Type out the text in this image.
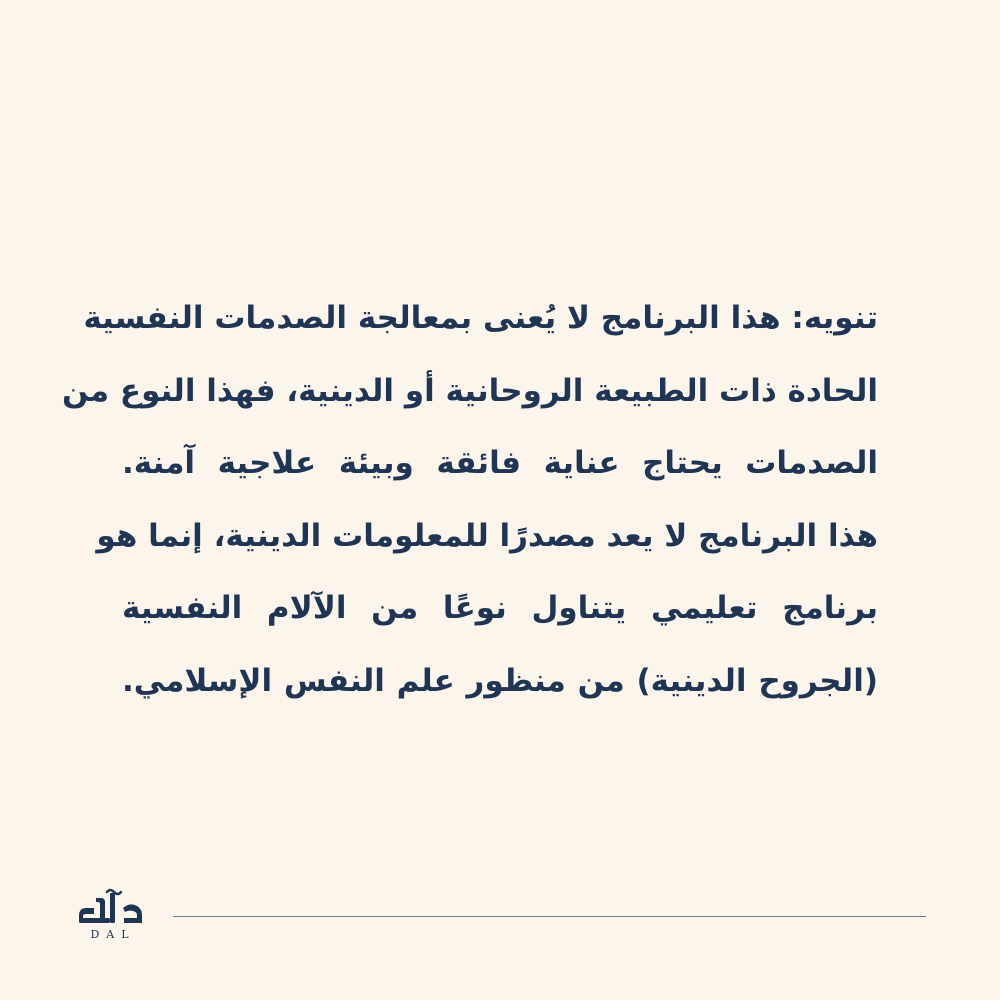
تنويه: هذا البرنامج لا يُعنى بمعالجة الصدمات النفسية
الحادة ذات الطبيعة الروحانية أو الدينية، فهذا النوع من
الصدمات يحتاج عناية فائقة وبيئة علاجية آمنة.
هذا البرنامج لا يعد مصدرًا للمعلومات الدينية، إنما هو
برنامج تعليمي يتناول نوعًا من الآلام النفسية
(الجروح الدينية) من منظور علم النفس الإسلامي.
DAL
